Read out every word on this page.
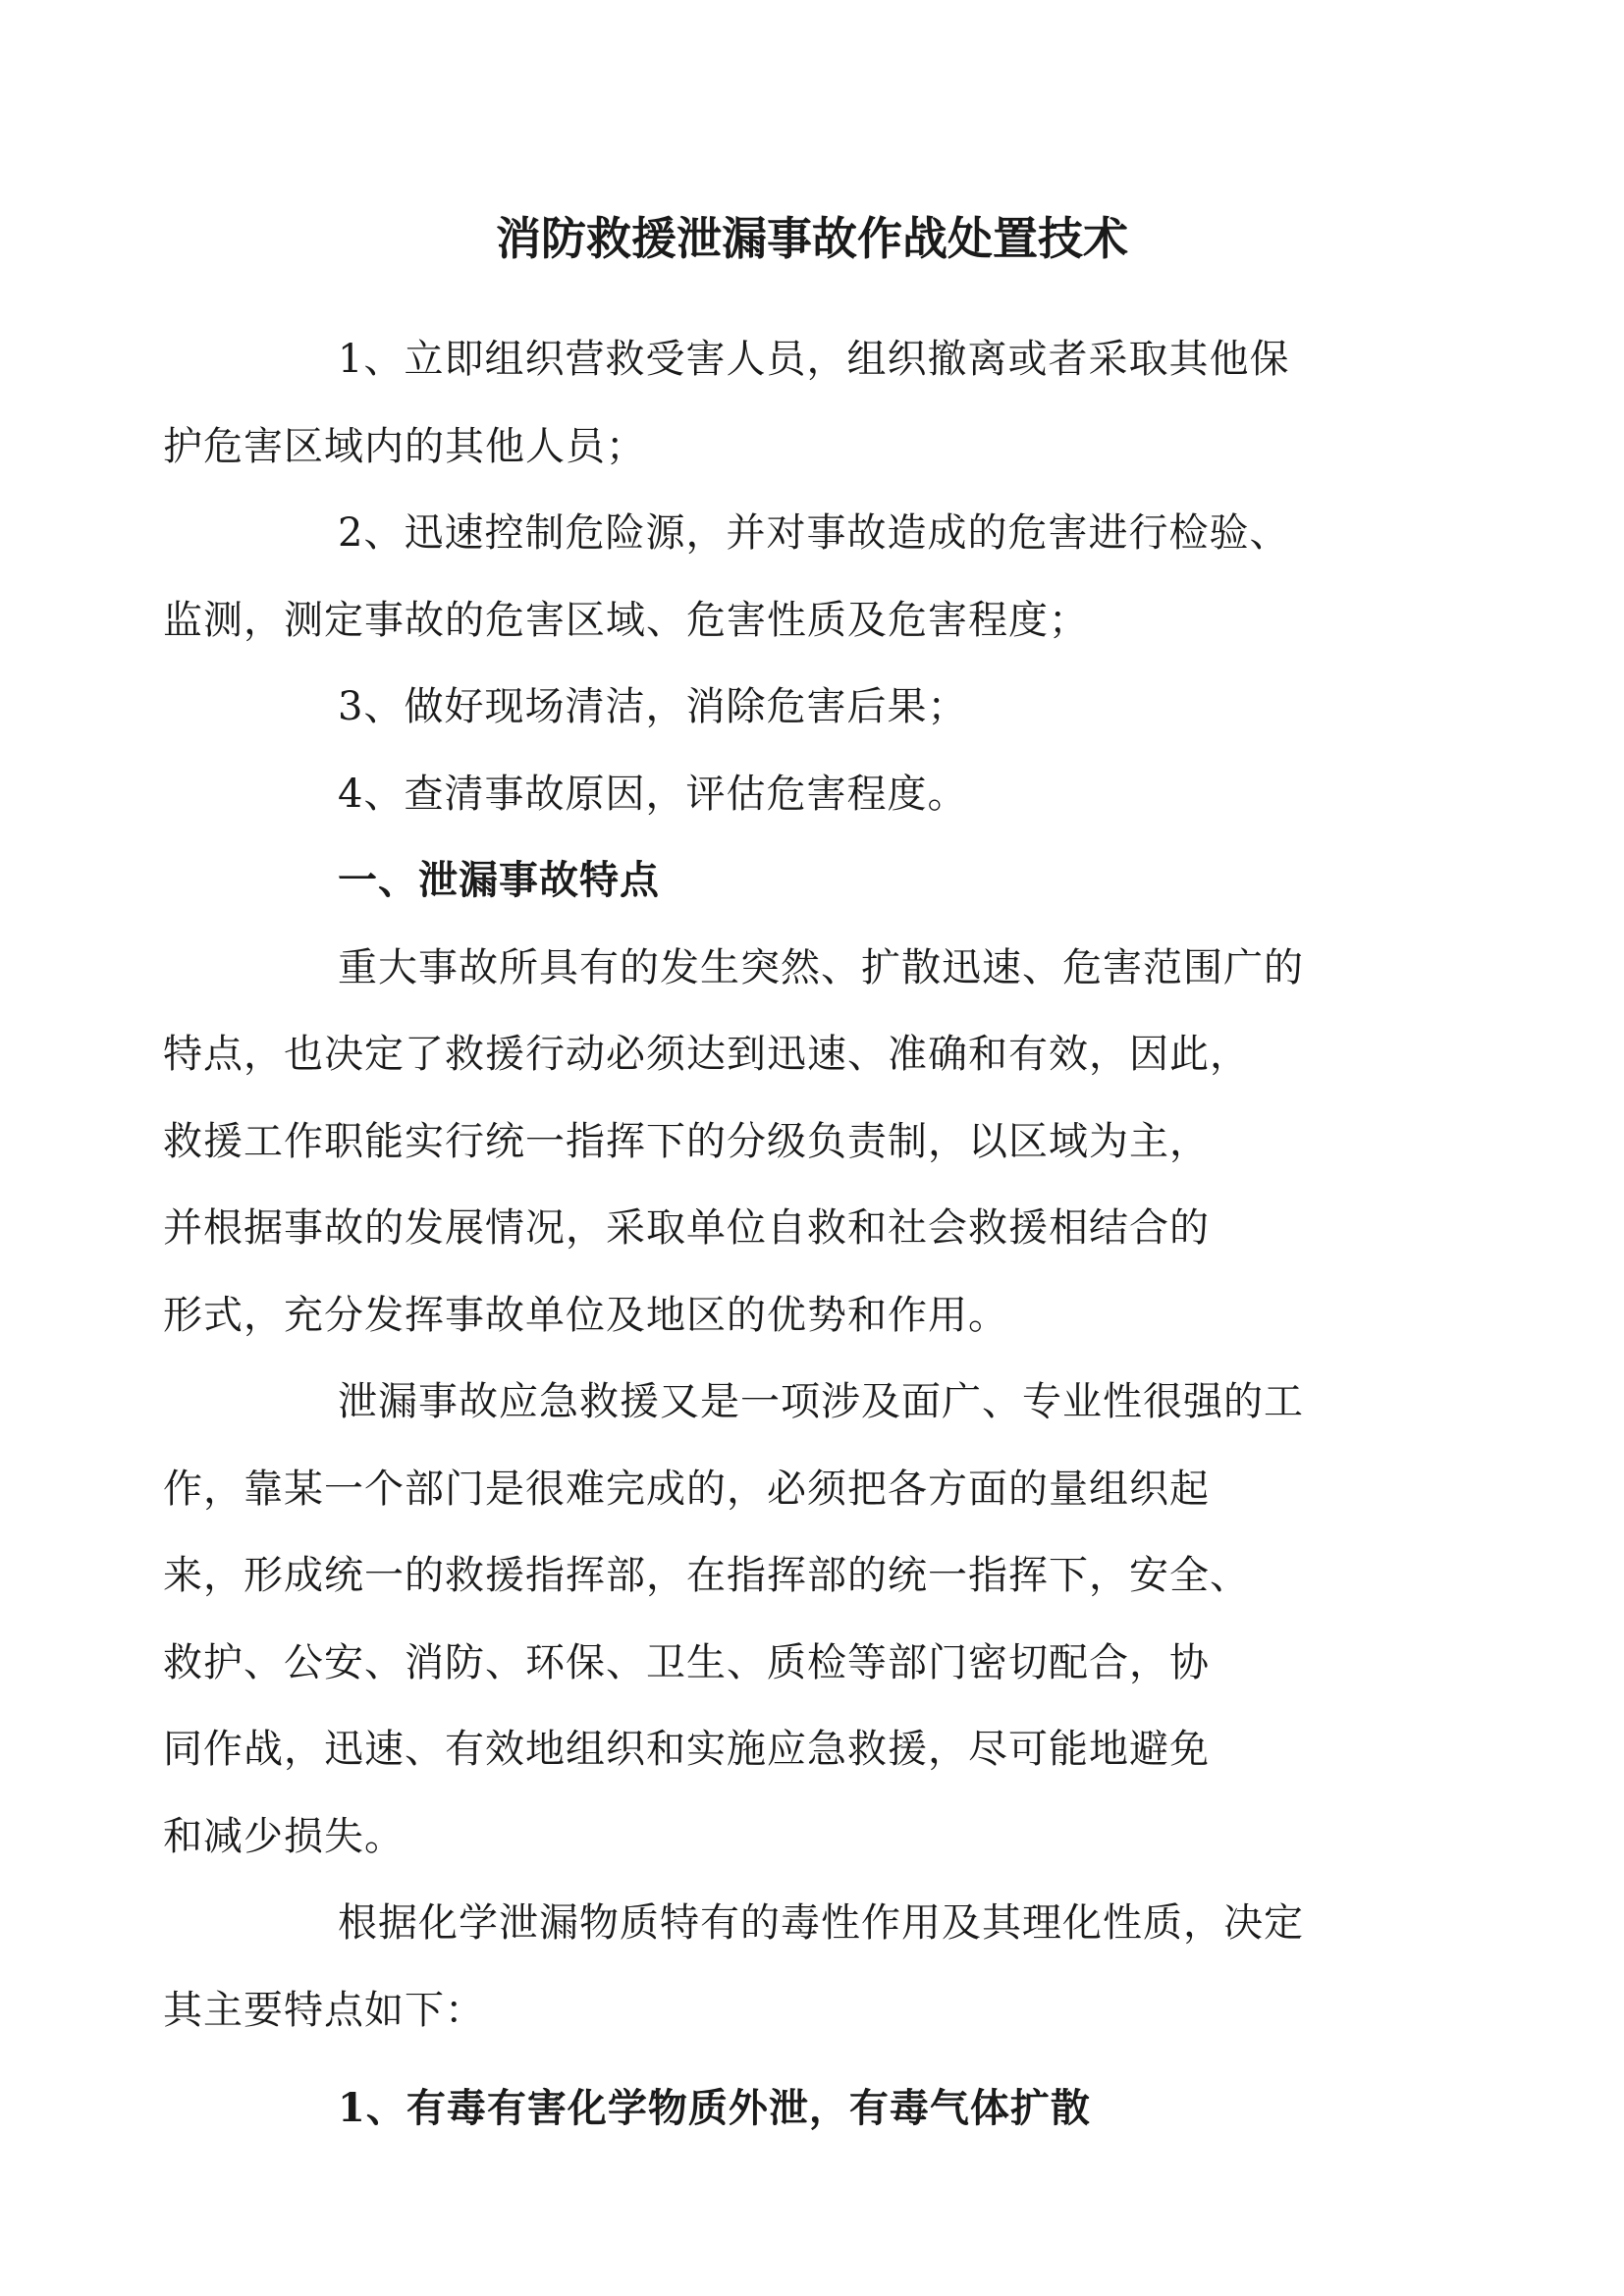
消防救援泄漏事故作战处置技术
1、立即组织营救受害人员，组织撤离或者采取其他保
护危害区域内的其他人员；
2、迅速控制危险源，并对事故造成的危害进行检验、
监测，测定事故的危害区域、危害性质及危害程度；
3、做好现场清洁，消除危害后果；
4、查清事故原因，评估危害程度。
一、泄漏事故特点
重大事故所具有的发生突然、扩散迅速、危害范围广的
特点，也决定了救援行动必须达到迅速、准确和有效，因此，
救援工作职能实行统一指挥下的分级负责制，以区域为主，
并根据事故的发展情况，采取单位自救和社会救援相结合的
形式，充分发挥事故单位及地区的优势和作用。
泄漏事故应急救援又是一项涉及面广、专业性很强的工
作，靠某一个部门是很难完成的，必须把各方面的量组织起
来，形成统一的救援指挥部，在指挥部的统一指挥下，安全、
救护、公安、消防、环保、卫生、质检等部门密切配合，协
同作战，迅速、有效地组织和实施应急救援，尽可能地避免
和减少损失。
根据化学泄漏物质特有的毒性作用及其理化性质，决定
其主要特点如下：
1、有毒有害化学物质外泄，有毒气体扩散
